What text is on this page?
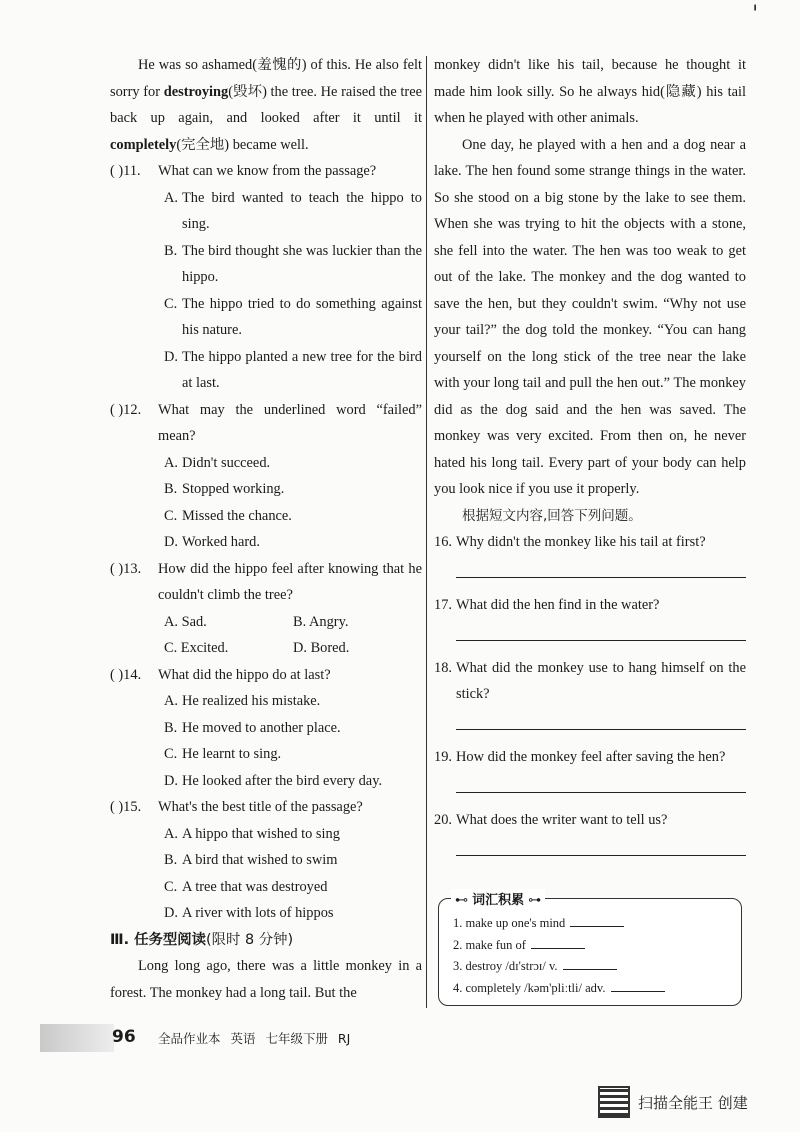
╹

He was so ashamed(羞愧的) of this. He also felt sorry for destroying(毁坏) the tree. He raised the tree back up again, and looked after it until it completely(完全地) became well.

( )11.	What can we know from the passage?

A. The bird wanted to teach the hippo to sing.

B. The bird thought she was luckier than the hippo.

C. The hippo tried to do something against his nature.

D. The hippo planted a new tree for the bird at last.

( )12.	What may the underlined word “failed” mean?

A. Didn't succeed.

B. Stopped working.

C. Missed the chance.

D. Worked hard.

( )13.	How did the hippo feel after knowing that he couldn't climb the tree?

A. Sad.	B. Angry.

C. Excited.	D. Bored.

( )14.	What did the hippo do at last?

A. He realized his mistake.

B. He moved to another place.

C. He learnt to sing.

D. He looked after the bird every day.

( )15.	What's the best title of the passage?

A. A hippo that wished to sing

B. A bird that wished to swim

C. A tree that was destroyed

D. A river with lots of hippos

Ⅲ. 任务型阅读(限时 8 分钟)

Long long ago, there was a little monkey in a forest. The monkey had a long tail. But the

monkey didn't like his tail, because he thought it made him look silly. So he always hid(隐藏) his tail when he played with other animals.

One day, he played with a hen and a dog near a lake. The hen found some strange things in the water. So she stood on a big stone by the lake to see them. When she was trying to hit the objects with a stone, she fell into the water. The hen was too weak to get out of the lake. The monkey and the dog wanted to save the hen, but they couldn't swim. “Why not use your tail?” the dog told the monkey. “You can hang yourself on the long stick of the tree near the lake with your long tail and pull the hen out.” The monkey did as the dog said and the hen was saved. The monkey was very excited. From then on, he never hated his long tail. Every part of your body can help you look nice if you use it properly.

根据短文内容,回答下列问题。

16. Why didn't the monkey like his tail at first?

17. What did the hen find in the water?

18. What did the monkey use to hang himself on the stick?

19. How did the monkey feel after saving the hen?

20. What does the writer want to tell us?

⊷ 词汇积累 ⊶
1. make up one's mind
2. make fun of
3. destroy /dɪ'strɔɪ/ v.
4. completely /kəm'pliːtli/ adv.
96 全品作业本 英语 七年级下册 RJ
扫描全能王 创建
